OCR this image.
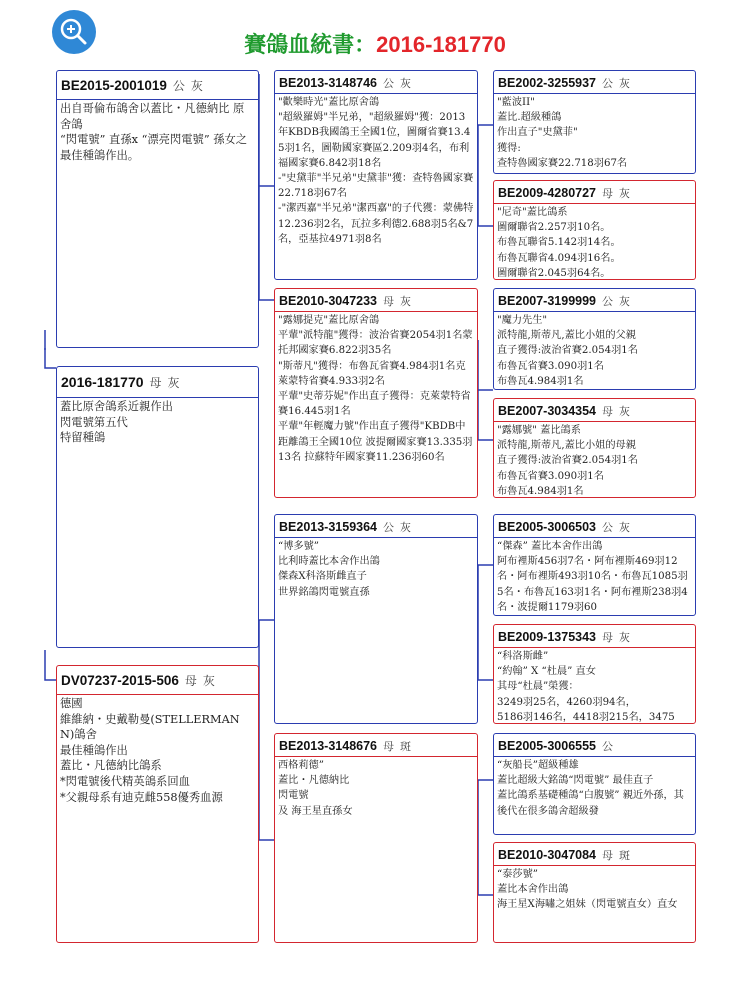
賽鴿血統書：2016-181770
BE2015-2001019 公 灰
出自哥倫布鴿舍以蓋比・凡德納比 原舍鴿
“閃電號” 直孫x “漂亮閃電號” 孫女之最佳種鴿作出。
2016-181770 母 灰
蓋比原舍鴿系近親作出
閃電號第五代
特留種鴿
DV07237-2015-506 母 灰
德國
維維納・史戴勒曼(STELLERMAN N)鴿舍
最佳種鴿作出
蓋比・凡德納比鴿系
*閃電號後代精英鴿系回血
*父親母系有迪克雌558優秀血源
BE2013-3148746 公 灰
"歡樂時光"蓋比原舍鴿
"超級羅姆"半兄弟，"超級羅姆"獲：2013年KBDB我國鴿王全國1位，圖爾省賽13.45羽1名，圖勒國家賽區2.209羽4名，布利福國家賽6.842羽18名
-"史黛菲"半兄弟"史黛菲"獲：查特魯國家賽22.718羽67名
-"潔西嘉"半兄弟"潔西嘉"的子代獲：蒙佛特12.236羽2名，瓦拉多利德2.688羽5名&7名，亞基拉4971羽8名
BE2010-3047233 母 灰
"露娜提克"蓋比原舍鴿
平輩"派特龍"獲得：波治省賽2054羽1名蒙托邦國家賽6.822羽35名
"斯蒂凡"獲得：布魯瓦省賽4.984羽1名克萊蒙特省賽4.933羽2名
平輩"史蒂芬妮"作出直子獲得：克萊蒙特省賽16.445羽1名
平輩"年輕魔力號"作出直子獲得"KBDB中距離鴿王全國10位 波提爾國家賽13.335羽13名 拉蘇特年國家賽11.236羽60名
BE2013-3159364 公 灰
“博多號”
比利時蓋比本舍作出鴿
傑森X科洛斯雌直子
世界銘鴿閃電號直孫
BE2013-3148676 母 斑
西格莉德”
蓋比・凡德納比
閃電號
及 海王星直孫女
BE2002-3255937 公 灰
"藍波II"
蓋比.超級種鴿
作出直子"史黛菲"
獲得:
查特魯國家賽22.718羽67名
BE2009-4280727 母 灰
"尼奇"蓋比鴿系
圖爾聯省2.257羽10名。
布魯瓦聯省5.142羽14名。
布魯瓦聯省4.094羽16名。
圖爾聯省2.045羽64名。
BE2007-3199999 公 灰
"魔力先生"
派特龍,斯蒂凡,蓋比小姐的父親
直子獲得:波治省賽2.054羽1名
布魯瓦省賽3.090羽1名
布魯瓦4.984羽1名
BE2007-3034354 母 灰
"露娜號" 蓋比鴿系
派特龍,斯蒂凡,蓋比小姐的母親
直子獲得:波治省賽2.054羽1名
布魯瓦省賽3.090羽1名
布魯瓦4.984羽1名
BE2005-3006503 公 灰
“傑森” 蓋比本舍作出鴿
阿布裡斯456羽7名・阿布裡斯469羽12名・阿布裡斯493羽10名・布魯瓦1085羽5名・布魯瓦163羽1名・阿布裡斯238羽4名・波提爾1179羽60
BE2009-1375343 母 灰
“科洛斯雌”
“約翰” X “杜晨” 直女
其母“杜晨”榮獲：
3249羽25名，4260羽94名，
5186羽146名，4418羽215名，3475
BE2005-3006555 公
“灰船長”超級種雄
蓋比超級大銘鴿“閃電號” 最佳直子
蓋比鴿系基礎種鴿“白腹號” 親近外孫，其後代在很多鴿舍超級發
BE2010-3047084 母 斑
“泰莎號”
蓋比本舍作出鴿
海王星X海嘯之姐妹（閃電號直女）直女
